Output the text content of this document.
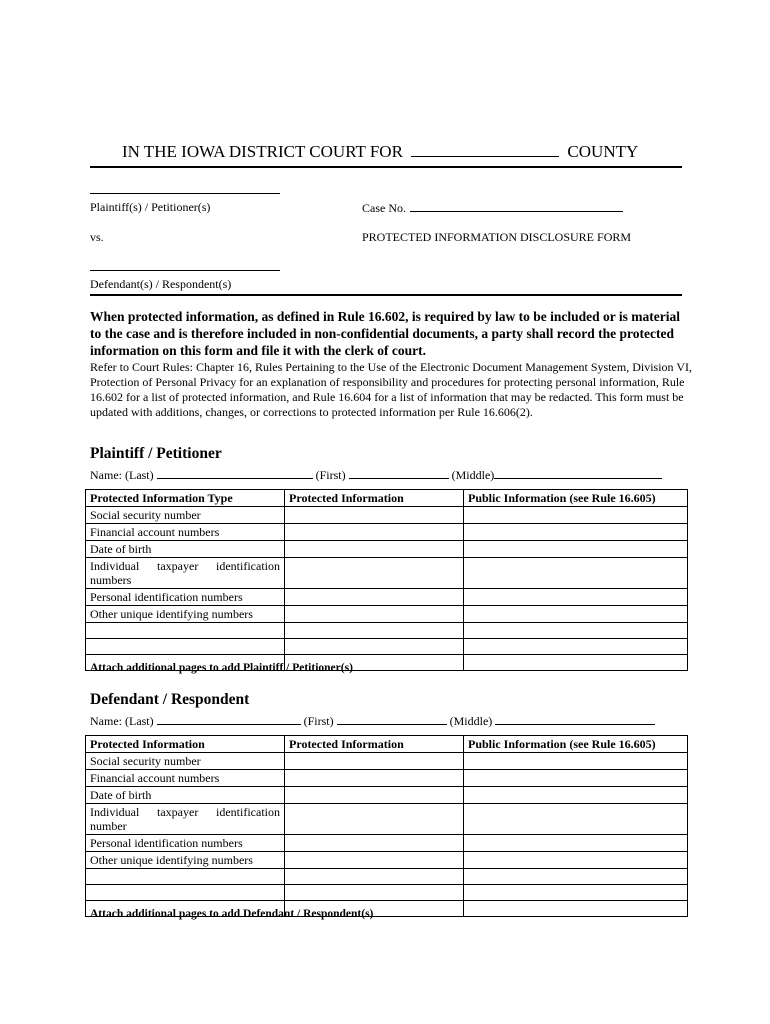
IN THE IOWA DISTRICT COURT FOR	COUNTY
Plaintiff(s) / Petitioner(s)	Case No.
vs.	PROTECTED INFORMATION DISCLOSURE FORM
Defendant(s) / Respondent(s)
When protected information, as defined in Rule 16.602, is required by law to be included or is material to the case and is therefore included in non-confidential documents, a party shall record the protected information on this form and file it with the clerk of court.
Refer to Court Rules: Chapter 16, Rules Pertaining to the Use of the Electronic Document Management System, Division VI, Protection of Personal Privacy for an explanation of responsibility and procedures for protecting personal information, Rule 16.602 for a list of protected information, and Rule 16.604 for a list of information that may be redacted. This form must be updated with additions, changes, or corrections to protected information per Rule 16.606(2).
Plaintiff / Petitioner
Name: (Last)	(First)	(Middle)
Protected Information Type	Protected Information	Public Information (see Rule 16.605)
Social security number		
Financial account numbers		
Date of birth		
Individual taxpayer identification numbers		
Personal identification numbers		
Other unique identifying numbers		

Attach additional pages to add Plaintiff / Petitioner(s)
Defendant / Respondent
Name: (Last)	(First)	(Middle)
Protected Information	Protected Information	Public Information (see Rule 16.605)
Social security number		
Financial account numbers		
Date of birth		
Individual taxpayer identification number		
Personal identification numbers		
Other unique identifying numbers		

Attach additional pages to add Defendant / Respondent(s)
